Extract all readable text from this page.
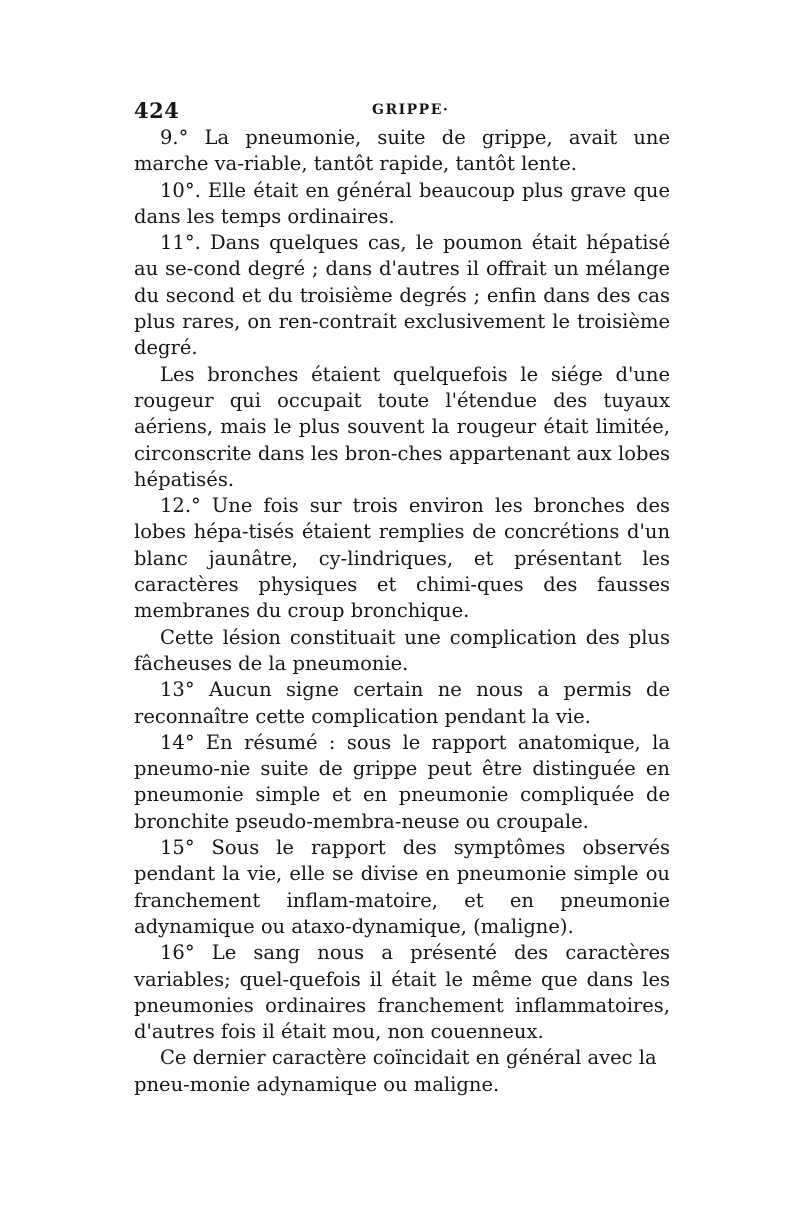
424	GRIPPE·

9.° La pneumonie, suite de grippe, avait une marche va-riable, tantôt rapide, tantôt lente.

10°. Elle était en général beaucoup plus grave que dans les temps ordinaires.

11°. Dans quelques cas, le poumon était hépatisé au se-cond degré ; dans d'autres il offrait un mélange du second et du troisième degrés ; enfin dans des cas plus rares, on ren-contrait exclusivement le troisième degré.

Les bronches étaient quelquefois le siége d'une rougeur qui occupait toute l'étendue des tuyaux aériens, mais le plus souvent la rougeur était limitée, circonscrite dans les bron-ches appartenant aux lobes hépatisés.

12.° Une fois sur trois environ les bronches des lobes hépa-tisés étaient remplies de concrétions d'un blanc jaunâtre, cy-lindriques, et présentant les caractères physiques et chimi-ques des fausses membranes du croup bronchique.

Cette lésion constituait une complication des plus fâcheuses de la pneumonie.

13° Aucun signe certain ne nous a permis de reconnaître cette complication pendant la vie.

14° En résumé : sous le rapport anatomique, la pneumo-nie suite de grippe peut être distinguée en pneumonie simple et en pneumonie compliquée de bronchite pseudo-membra-neuse ou croupale.

15° Sous le rapport des symptômes observés pendant la vie, elle se divise en pneumonie simple ou franchement inflam-matoire, et en pneumonie adynamique ou ataxo-dynamique, (maligne).

16° Le sang nous a présenté des caractères variables; quel-quefois il était le même que dans les pneumonies ordinaires franchement inflammatoires, d'autres fois il était mou, non couenneux.

Ce dernier caractère coïncidait en général avec la pneu-monie adynamique ou maligne.
